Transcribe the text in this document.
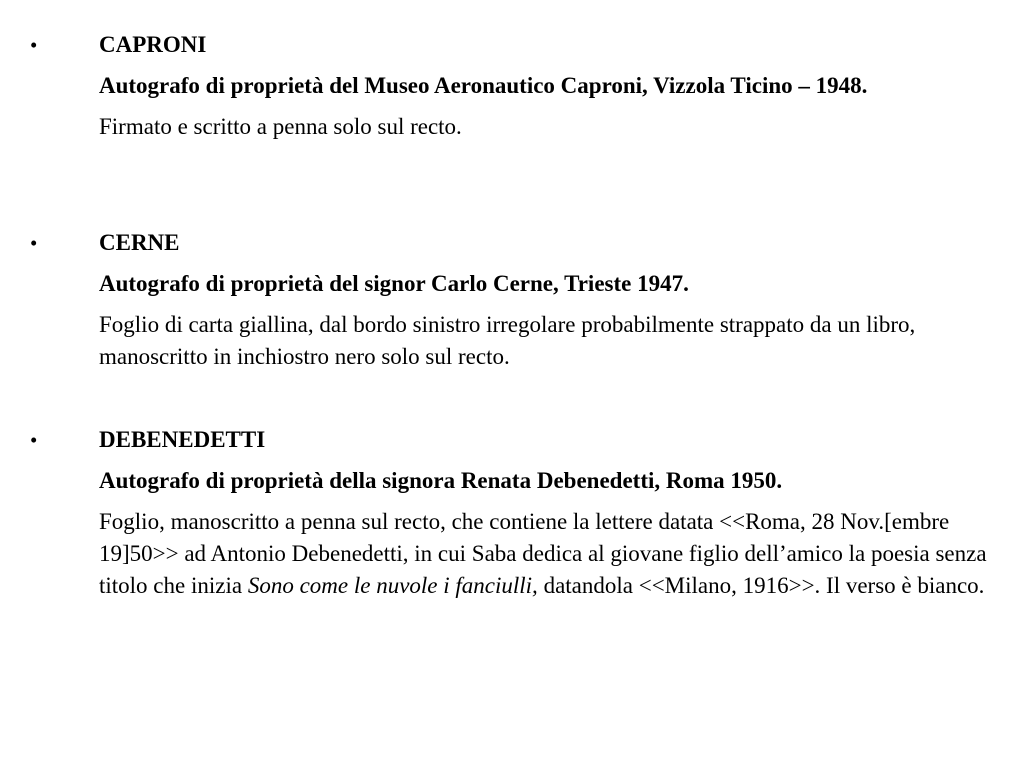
•	CAPRONI

Autografo di proprietà del Museo Aeronautico Caproni, Vizzola Ticino – 1948.

Firmato e scritto a penna solo sul recto.

•	CERNE

Autografo di proprietà del signor Carlo Cerne, Trieste 1947.

Foglio di carta giallina, dal bordo sinistro irregolare probabilmente strappato da un libro, manoscritto in inchiostro nero solo sul recto.

•	DEBENEDETTI

Autografo di proprietà della signora Renata Debenedetti, Roma 1950.

Foglio, manoscritto a penna sul recto, che contiene la lettere datata <<Roma, 28 Nov.[embre 19]50>> ad Antonio Debenedetti, in cui Saba dedica al giovane figlio dell’amico la poesia senza titolo che inizia Sono come le nuvole i fanciulli, datandola <<Milano, 1916>>. Il verso è bianco.
